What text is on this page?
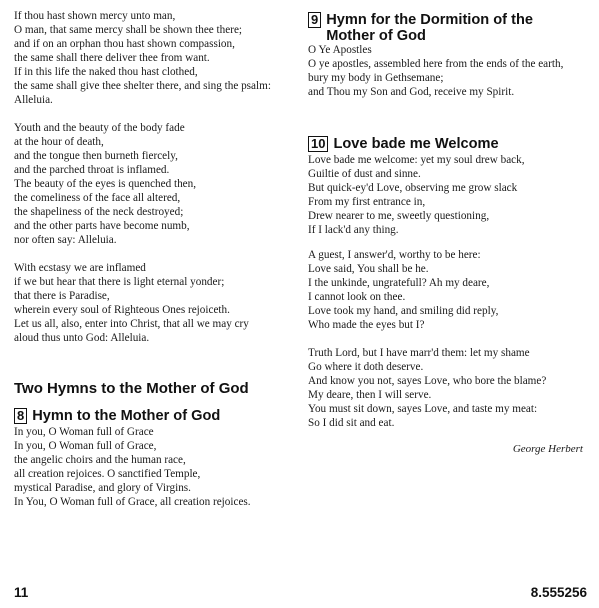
If thou hast shown mercy unto man,
O man, that same mercy shall be shown thee there;
and if on an orphan thou hast shown compassion,
the same shall there deliver thee from want.
If in this life the naked thou hast clothed,
the same shall give thee shelter there, and sing the psalm:
Alleluia.
Youth and the beauty of the body fade
at the hour of death,
and the tongue then burneth fiercely,
and the parched throat is inflamed.
The beauty of the eyes is quenched then,
the comeliness of the face all altered,
the shapeliness of the neck destroyed;
and the other parts have become numb,
nor often say: Alleluia.
With ecstasy we are inflamed
if we but hear that there is light eternal yonder;
that there is Paradise,
wherein every soul of Righteous Ones rejoiceth.
Let us all, also, enter into Christ, that all we may cry
aloud thus unto God: Alleluia.
Two Hymns to the Mother of God
8 Hymn to the Mother of God
In you, O Woman full of Grace
In you, O Woman full of Grace,
the angelic choirs and the human race,
all creation rejoices. O sanctified Temple,
mystical Paradise, and glory of Virgins.
In You, O Woman full of Grace, all creation rejoices.
9 Hymn for the Dormition of the
Mother of God
O Ye Apostles
O ye apostles, assembled here from the ends of the earth,
bury my body in Gethsemane;
and Thou my Son and God, receive my Spirit.
10 Love bade me Welcome
Love bade me welcome: yet my soul drew back,
Guiltie of dust and sinne.
But quick-ey'd Love, observing me grow slack
From my first entrance in,
Drew nearer to me, sweetly questioning,
If I lack'd any thing.
A guest, I answer'd, worthy to be here:
Love said, You shall be he.
I the unkinde, ungratefull? Ah my deare,
I cannot look on thee.
Love took my hand, and smiling did reply,
Who made the eyes but I?
Truth Lord, but I have marr'd them: let my shame
Go where it doth deserve.
And know you not, sayes Love, who bore the blame?
My deare, then I will serve.
You must sit down, sayes Love, and taste my meat:
So I did sit and eat.
George Herbert
11	8.555256
